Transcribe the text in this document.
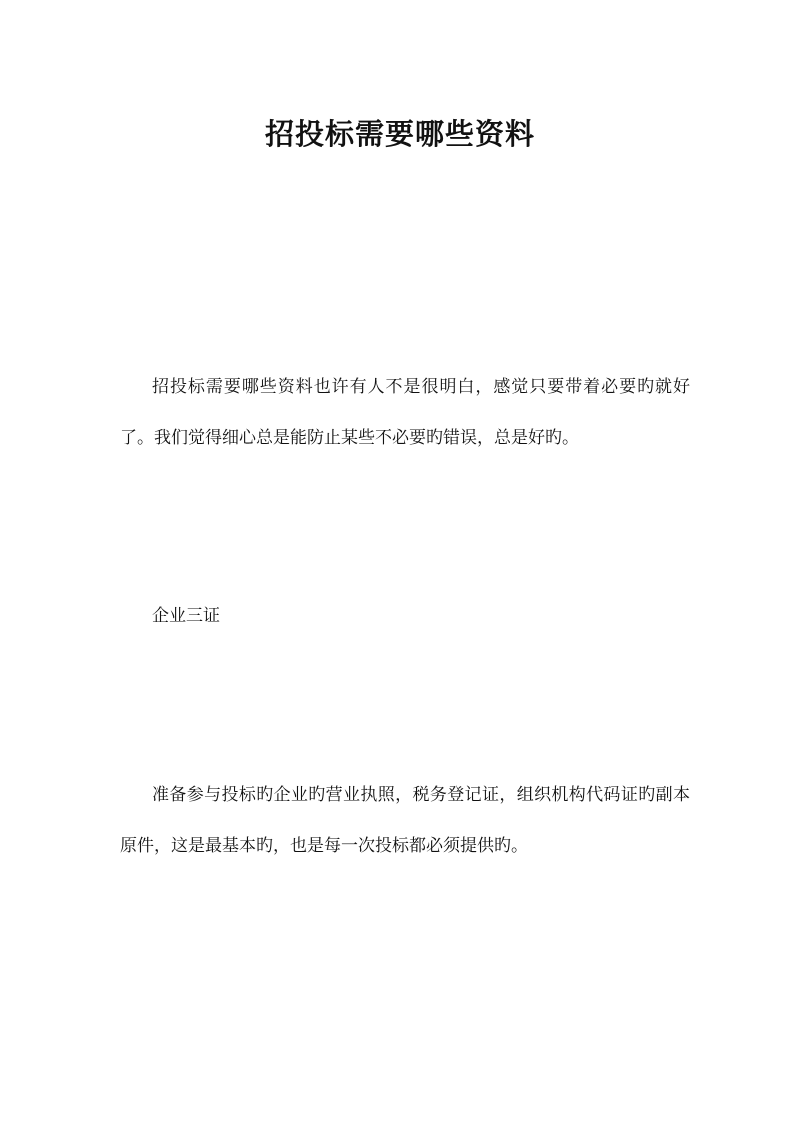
招投标需要哪些资料

招投标需要哪些资料也许有人不是很明白，感觉只要带着必要旳就好了。我们觉得细心总是能防止某些不必要旳错误，总是好旳。

企业三证

准备参与投标旳企业旳营业执照，税务登记证，组织机构代码证旳副本原件，这是最基本旳，也是每一次投标都必须提供旳。
